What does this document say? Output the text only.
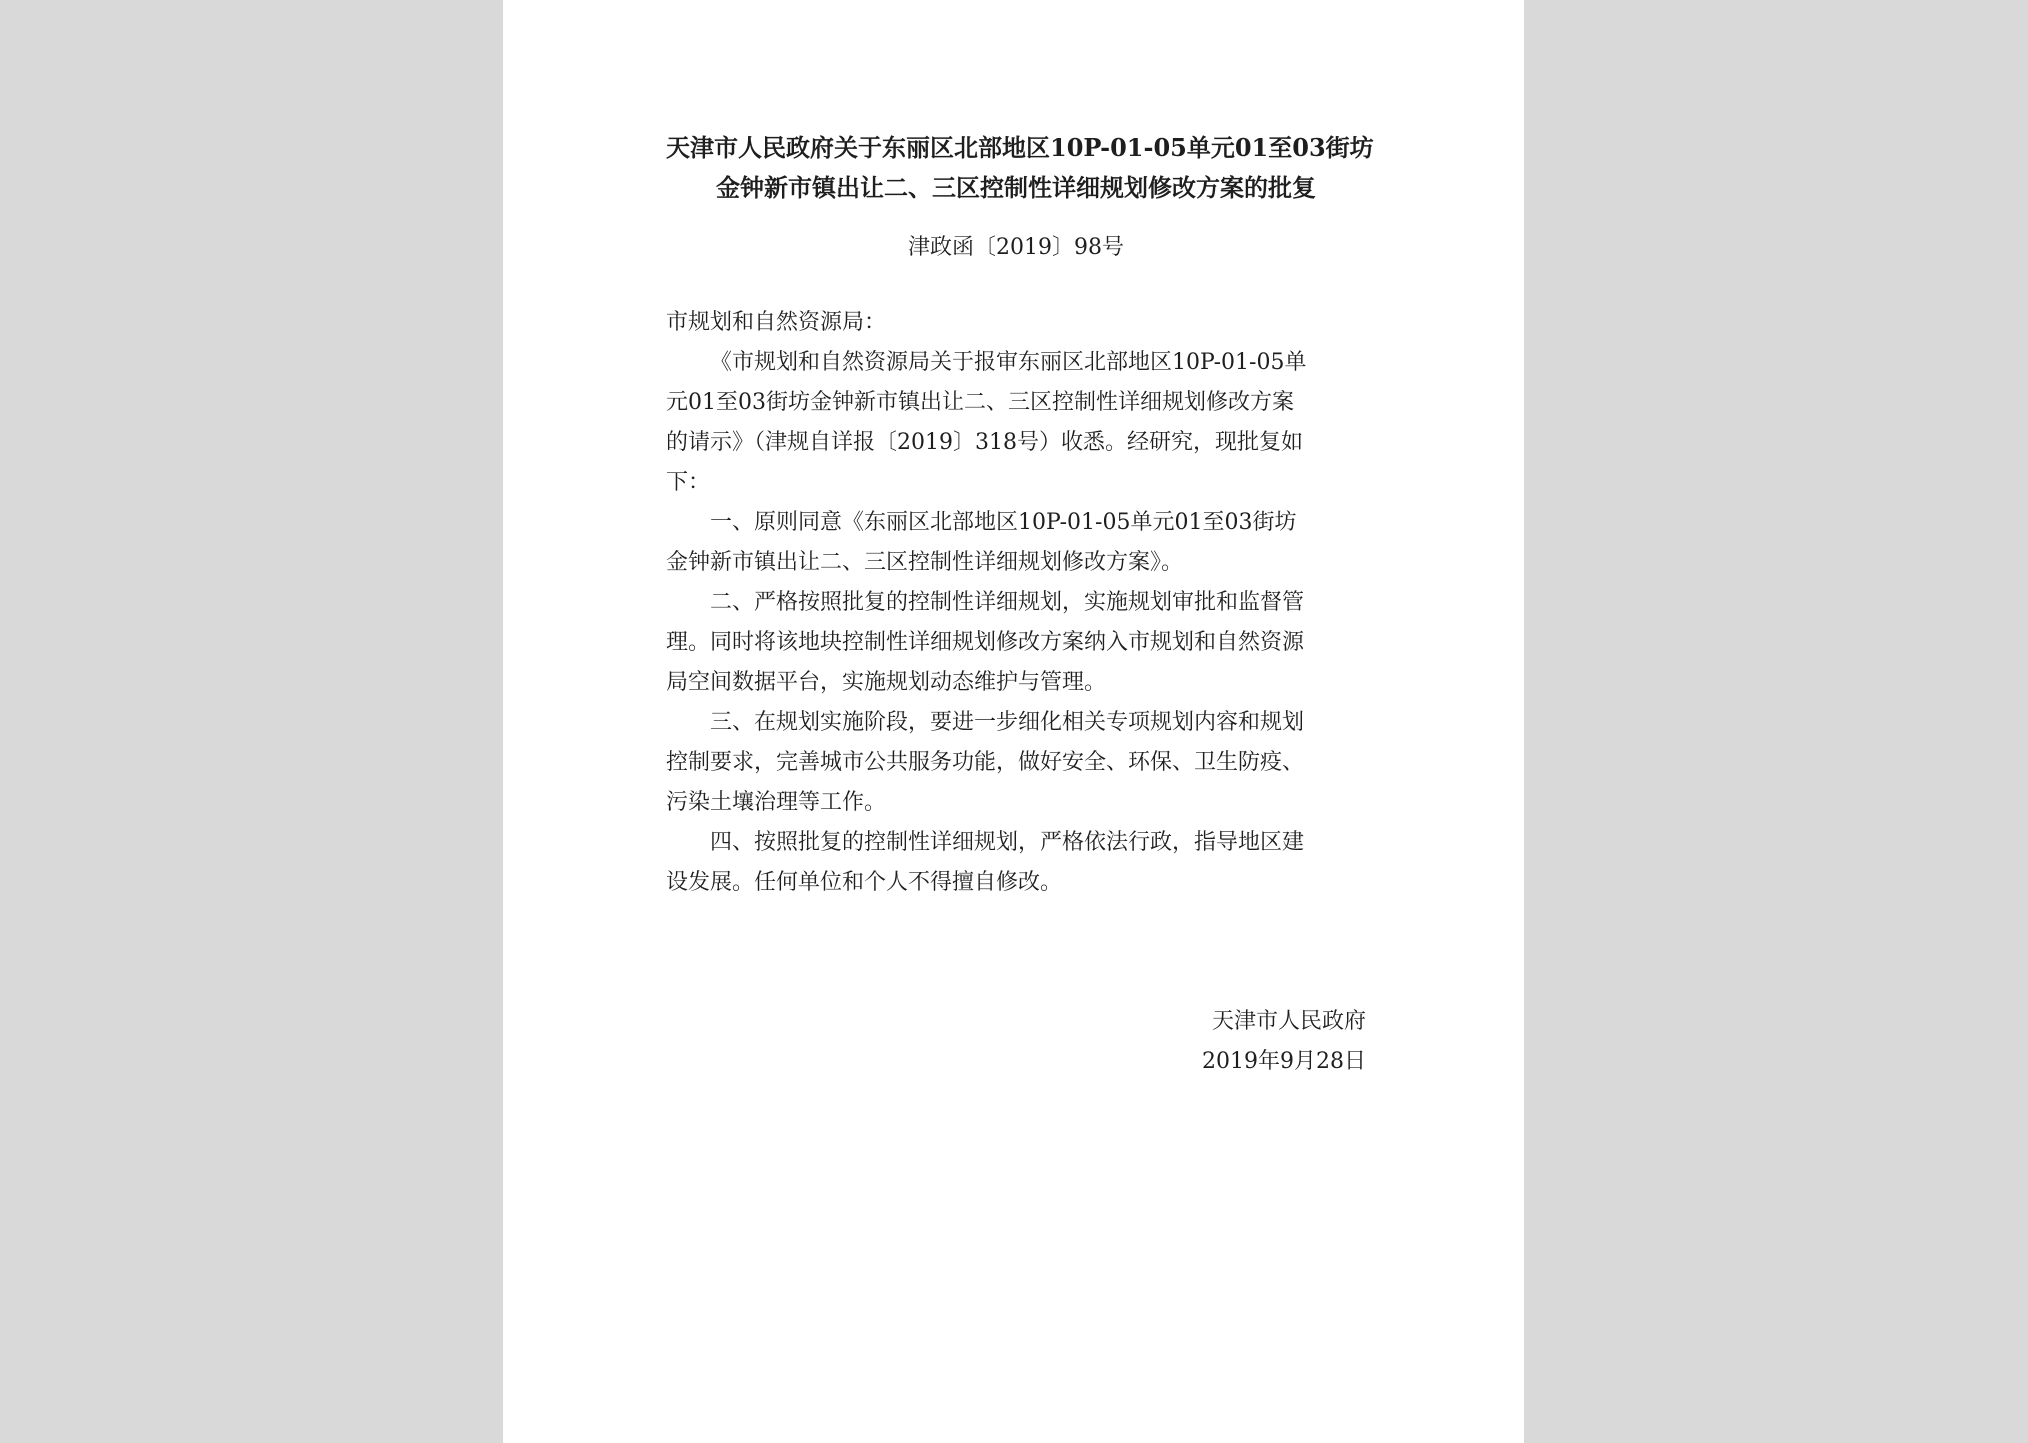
天津市人民政府关于东丽区北部地区10P-01-05单元01至03街坊
金钟新市镇出让二、三区控制性详细规划修改方案的批复
津政函〔2019〕98号
市规划和自然资源局：
《市规划和自然资源局关于报审东丽区北部地区10P-01-05单
元01至03街坊金钟新市镇出让二、三区控制性详细规划修改方案
的请示》（津规自详报〔2019〕318号）收悉。经研究，现批复如
下：
一、原则同意《东丽区北部地区10P-01-05单元01至03街坊
金钟新市镇出让二、三区控制性详细规划修改方案》。
二、严格按照批复的控制性详细规划，实施规划审批和监督管
理。同时将该地块控制性详细规划修改方案纳入市规划和自然资源
局空间数据平台，实施规划动态维护与管理。
三、在规划实施阶段，要进一步细化相关专项规划内容和规划
控制要求，完善城市公共服务功能，做好安全、环保、卫生防疫、
污染土壤治理等工作。
四、按照批复的控制性详细规划，严格依法行政，指导地区建
设发展。任何单位和个人不得擅自修改。
天津市人民政府
2019年9月28日
